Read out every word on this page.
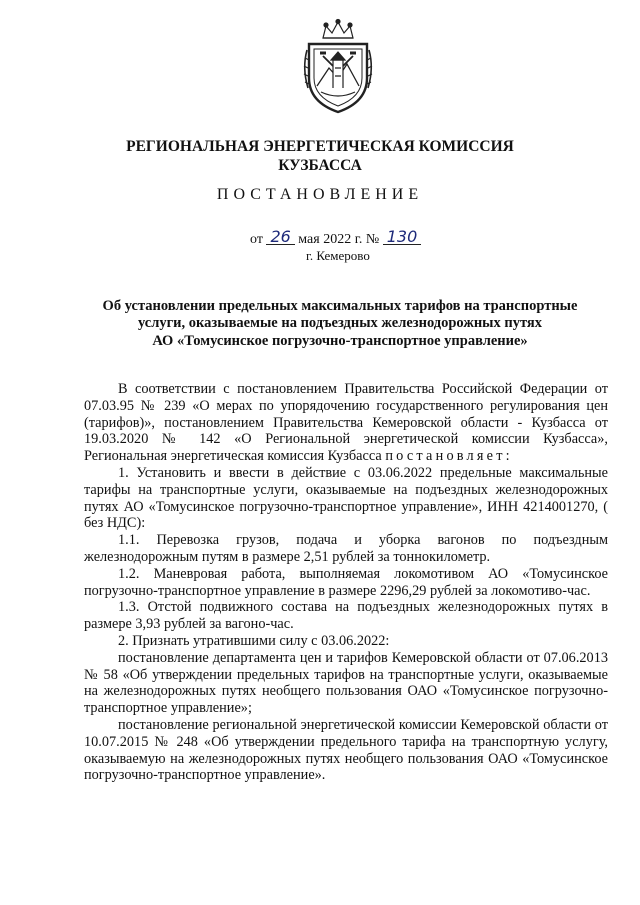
РЕГИОНАЛЬНАЯ ЭНЕРГЕТИЧЕСКАЯ КОМИССИЯ
КУЗБАССА
ПОСТАНОВЛЕНИЕ
от 26 мая 2022 г. № 130
г. Кемерово
Об установлении предельных максимальных тарифов на транспортные
услуги, оказываемые на подъездных железнодорожных путях
АО «Томусинское погрузочно-транспортное управление»

В соответствии с постановлением Правительства Российской Федерации от 07.03.95 № 239 «О мерах по упорядочению государственного регулирования цен (тарифов)», постановлением Правительства Кемеровской области - Кузбасса от 19.03.2020 № 142 «О Региональной энергетической комиссии Кузбасса», Региональная энергетическая комиссия Кузбасса постановляет:

1. Установить и ввести в действие с 03.06.2022 предельные максимальные тарифы на транспортные услуги, оказываемые на подъездных железнодорожных путях АО «Томусинское погрузочно-транспортное управление», ИНН 4214001270, ( без НДС):

1.1. Перевозка грузов, подача и уборка вагонов по подъездным железнодорожным путям в размере 2,51 рублей за тоннокилометр.

1.2. Маневровая работа, выполняемая локомотивом АО «Томусинское погрузочно-транспортное управление в размере 2296,29 рублей за локомотиво-час.

1.3. Отстой подвижного состава на подъездных железнодорожных путях в размере 3,93 рублей за вагоно-час.

2. Признать утратившими силу с 03.06.2022:

постановление департамента цен и тарифов Кемеровской области от 07.06.2013 № 58 «Об утверждении предельных тарифов на транспортные услуги, оказываемые на железнодорожных путях необщего пользования ОАО «Томусинское погрузочно-транспортное управление»;

постановление региональной энергетической комиссии Кемеровской области от 10.07.2015 № 248 «Об утверждении предельного тарифа на транспортную услугу, оказываемую на железнодорожных путях необщего пользования ОАО «Томусинское погрузочно-транспортное управление».
